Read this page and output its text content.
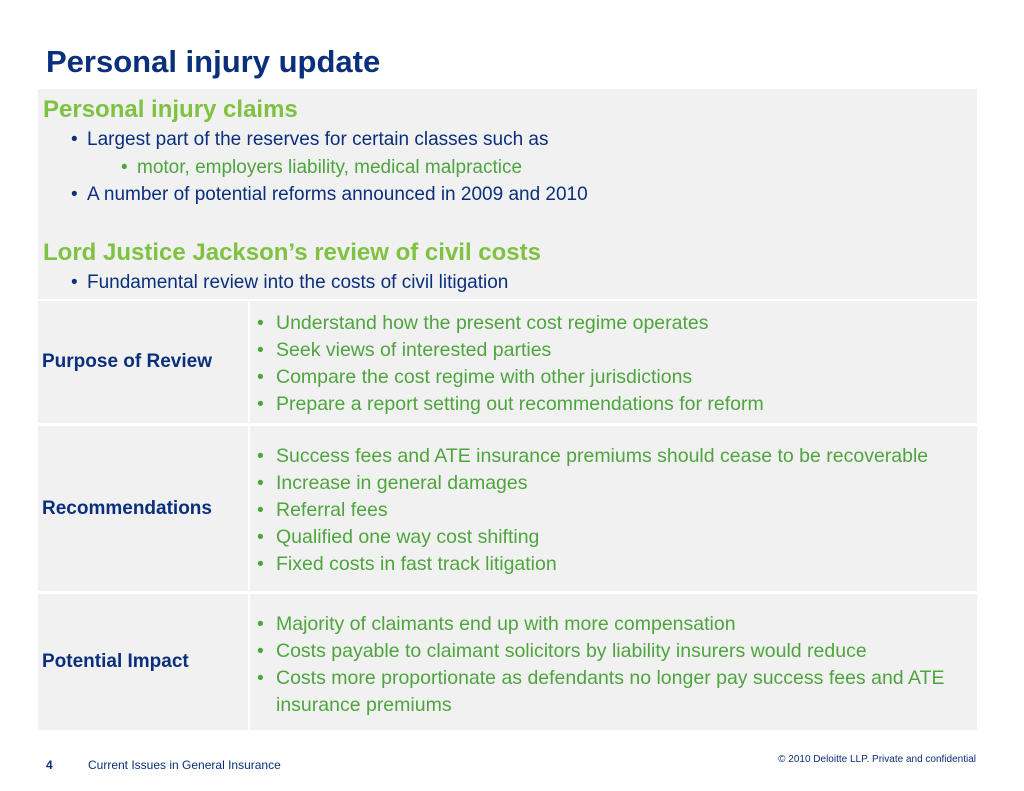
Personal injury update
Personal injury claims
• Largest part of the reserves for certain classes such as
• motor, employers liability, medical malpractice
• A number of potential reforms announced in 2009 and 2010
Lord Justice Jackson’s review of civil costs
• Fundamental review into the costs of civil litigation
Purpose of Review
• Understand how the present cost regime operates
• Seek views of interested parties
• Compare the cost regime with other jurisdictions
• Prepare a report setting out recommendations for reform
Recommendations
• Success fees and ATE insurance premiums should cease to be recoverable
• Increase in general damages
• Referral fees
• Qualified one way cost shifting
• Fixed costs in fast track litigation
Potential Impact
• Majority of claimants end up with more compensation
• Costs payable to claimant solicitors by liability insurers would reduce
• Costs more proportionate as defendants no longer pay success fees and ATE insurance premiums
4	Current Issues in General Insurance	© 2010 Deloitte LLP. Private and confidential
